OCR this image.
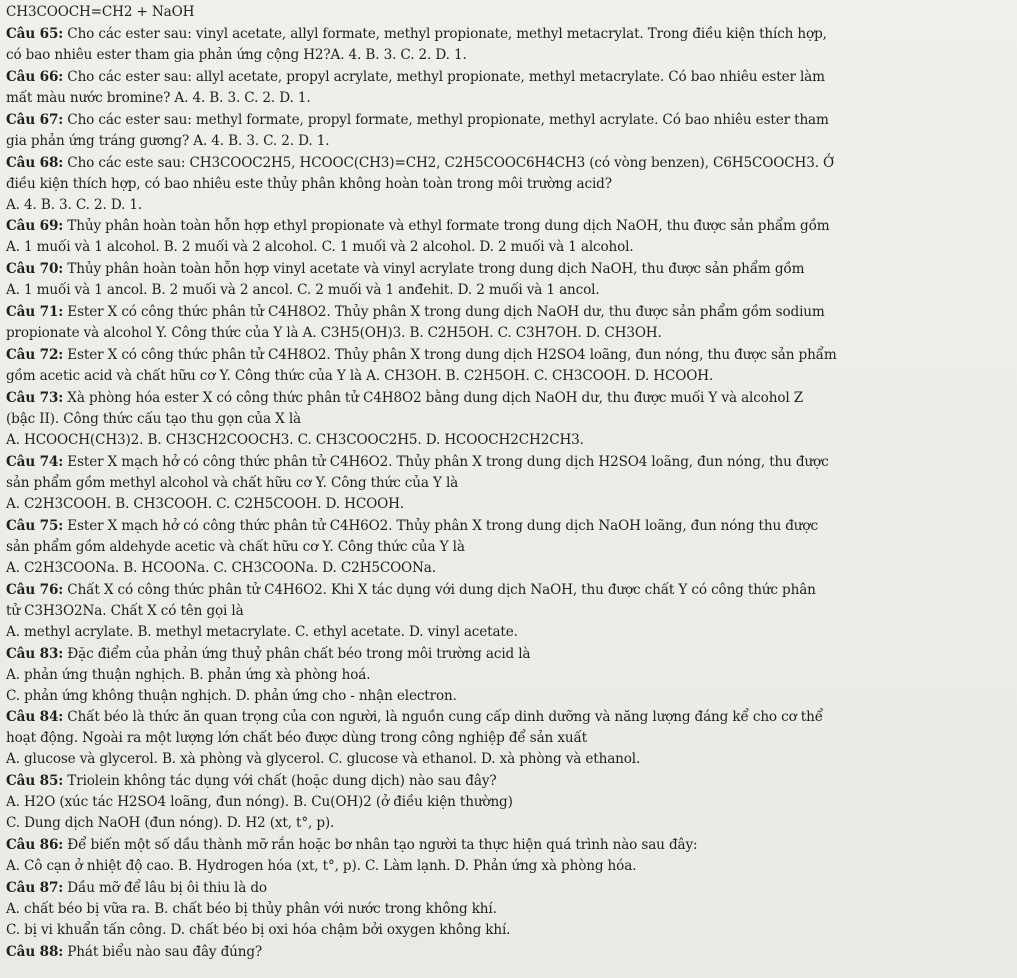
CH3COOCH=CH2 + NaOH
Câu 65: Cho các ester sau: vinyl acetate, allyl formate, methyl propionate, methyl metacrylat. Trong điều kiện thích hợp,
có bao nhiêu ester tham gia phản ứng cộng H2?A. 4. B. 3. C. 2. D. 1.
Câu 66: Cho các ester sau: allyl acetate, propyl acrylate, methyl propionate, methyl metacrylate. Có bao nhiêu ester làm
mất màu nước bromine? A. 4. B. 3. C. 2. D. 1.
Câu 67: Cho các ester sau: methyl formate, propyl formate, methyl propionate, methyl acrylate. Có bao nhiêu ester tham
gia phản ứng tráng gương? A. 4. B. 3. C. 2. D. 1.
Câu 68: Cho các este sau: CH3COOC2H5, HCOOC(CH3)=CH2, C2H5COOC6H4CH3 (có vòng benzen), C6H5COOCH3. Ở
điều kiện thích hợp, có bao nhiêu este thủy phân không hoàn toàn trong môi trường acid?
A. 4. B. 3. C. 2. D. 1.
Câu 69: Thủy phân hoàn toàn hỗn hợp ethyl propionate và ethyl formate trong dung dịch NaOH, thu được sản phẩm gồm
A. 1 muối và 1 alcohol. B. 2 muối và 2 alcohol. C. 1 muối và 2 alcohol. D. 2 muối và 1 alcohol.
Câu 70: Thủy phân hoàn toàn hỗn hợp vinyl acetate và vinyl acrylate trong dung dịch NaOH, thu được sản phẩm gồm
A. 1 muối và 1 ancol. B. 2 muối và 2 ancol. C. 2 muối và 1 anđehit. D. 2 muối và 1 ancol.
Câu 71: Ester X có công thức phân tử C4H8O2. Thủy phân X trong dung dịch NaOH dư, thu được sản phẩm gồm sodium
propionate và alcohol Y. Công thức của Y là A. C3H5(OH)3. B. C2H5OH. C. C3H7OH. D. CH3OH.
Câu 72: Ester X có công thức phân tử C4H8O2. Thủy phân X trong dung dịch H2SO4 loãng, đun nóng, thu được sản phẩm
gồm acetic acid và chất hữu cơ Y. Công thức của Y là A. CH3OH. B. C2H5OH. C. CH3COOH. D. HCOOH.
Câu 73: Xà phòng hóa ester X có công thức phân tử C4H8O2 bằng dung dịch NaOH dư, thu được muối Y và alcohol Z
(bậc II). Công thức cấu tạo thu gọn của X là
A. HCOOCH(CH3)2. B. CH3CH2COOCH3. C. CH3COOC2H5. D. HCOOCH2CH2CH3.
Câu 74: Ester X mạch hở có công thức phân tử C4H6O2. Thủy phân X trong dung dịch H2SO4 loãng, đun nóng, thu được
sản phẩm gồm methyl alcohol và chất hữu cơ Y. Công thức của Y là
A. C2H3COOH. B. CH3COOH. C. C2H5COOH. D. HCOOH.
Câu 75: Ester X mạch hở có công thức phân tử C4H6O2. Thủy phân X trong dung dịch NaOH loãng, đun nóng thu được
sản phẩm gồm aldehyde acetic và chất hữu cơ Y. Công thức của Y là
A. C2H3COONa. B. HCOONa. C. CH3COONa. D. C2H5COONa.
Câu 76: Chất X có công thức phân tử C4H6O2. Khi X tác dụng với dung dịch NaOH, thu được chất Y có công thức phân
tử C3H3O2Na. Chất X có tên gọi là
A. methyl acrylate. B. methyl metacrylate. C. ethyl acetate. D. vinyl acetate.
Câu 83: Đặc điểm của phản ứng thuỷ phân chất béo trong môi trường acid là
A. phản ứng thuận nghịch. B. phản ứng xà phòng hoá.
C. phản ứng không thuận nghịch. D. phản ứng cho - nhận electron.
Câu 84: Chất béo là thức ăn quan trọng của con người, là nguồn cung cấp dinh dưỡng và năng lượng đáng kể cho cơ thể
hoạt động. Ngoài ra một lượng lớn chất béo được dùng trong công nghiệp để sản xuất
A. glucose và glycerol. B. xà phòng và glycerol. C. glucose và ethanol. D. xà phòng và ethanol.
Câu 85: Triolein không tác dụng với chất (hoặc dung dịch) nào sau đây?
A. H2O (xúc tác H2SO4 loãng, đun nóng). B. Cu(OH)2 (ở điều kiện thường)
C. Dung dịch NaOH (đun nóng). D. H2 (xt, t°, p).
Câu 86: Để biến một số dầu thành mỡ rắn hoặc bơ nhân tạo người ta thực hiện quá trình nào sau đây:
A. Cô cạn ở nhiệt độ cao. B. Hydrogen hóa (xt, t°, p). C. Làm lạnh. D. Phản ứng xà phòng hóa.
Câu 87: Dầu mỡ để lâu bị ôi thiu là do
A. chất béo bị vữa ra. B. chất béo bị thủy phân với nước trong không khí.
C. bị vi khuẩn tấn công. D. chất béo bị oxi hóa chậm bởi oxygen không khí.
Câu 88: Phát biểu nào sau đây đúng?
